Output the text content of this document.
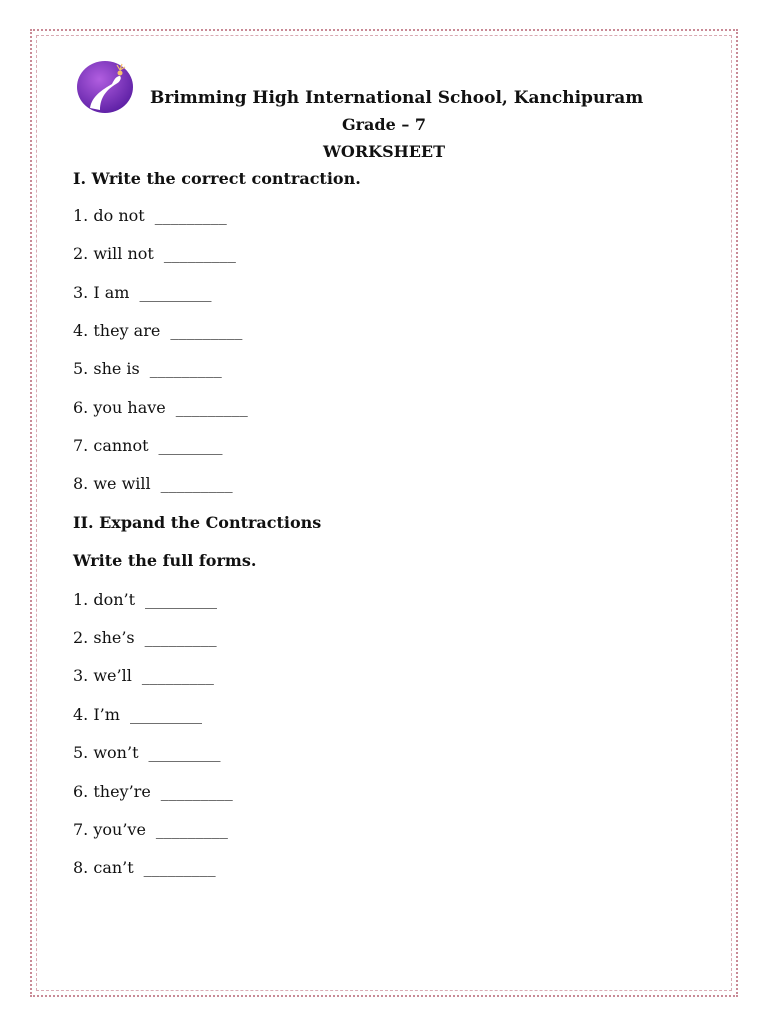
Brimming High International School, Kanchipuram
Grade – 7
WORKSHEET
I. Write the correct contraction.
1. do not _________
2. will not _________
3. I am _________
4. they are _________
5. she is _________
6. you have _________
7. cannot ________
8. we will _________
II. Expand the Contractions
Write the full forms.
1. don’t _________
2. she’s _________
3. we’ll _________
4. I’m _________
5. won’t _________
6. they’re _________
7. you’ve _________
8. can’t _________
